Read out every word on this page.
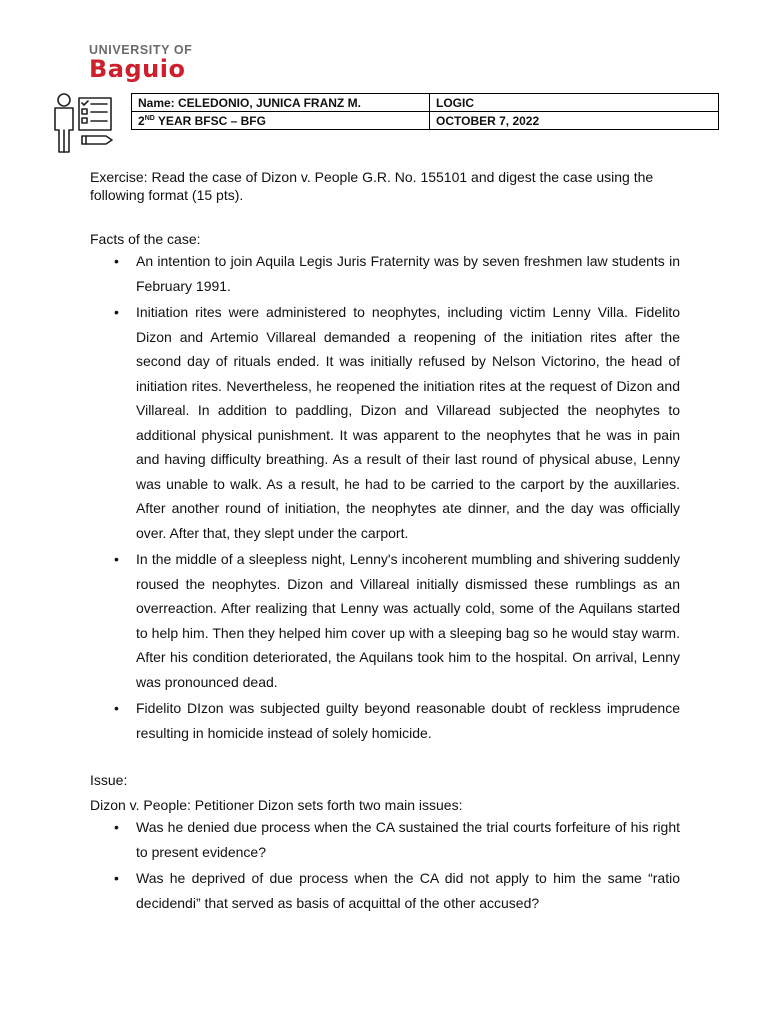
UNIVERSITY OF
Baguio
Name: CELEDONIO, JUNICA FRANZ M.	LOGIC
2ND YEAR BFSC – BFG	OCTOBER 7, 2022
Exercise: Read the case of Dizon v. People G.R. No. 155101 and digest the case using the following format (15 pts).
Facts of the case:
• An intention to join Aquila Legis Juris Fraternity was by seven freshmen law students in February 1991.
• Initiation rites were administered to neophytes, including victim Lenny Villa. Fidelito Dizon and Artemio Villareal demanded a reopening of the initiation rites after the second day of rituals ended. It was initially refused by Nelson Victorino, the head of initiation rites. Nevertheless, he reopened the initiation rites at the request of Dizon and Villareal. In addition to paddling, Dizon and Villaread subjected the neophytes to additional physical punishment. It was apparent to the neophytes that he was in pain and having difficulty breathing. As a result of their last round of physical abuse, Lenny was unable to walk. As a result, he had to be carried to the carport by the auxillaries. After another round of initiation, the neophytes ate dinner, and the day was officially over. After that, they slept under the carport.
• In the middle of a sleepless night, Lenny's incoherent mumbling and shivering suddenly roused the neophytes. Dizon and Villareal initially dismissed these rumblings as an overreaction. After realizing that Lenny was actually cold, some of the Aquilans started to help him. Then they helped him cover up with a sleeping bag so he would stay warm. After his condition deteriorated, the Aquilans took him to the hospital. On arrival, Lenny was pronounced dead.
• Fidelito DIzon was subjected guilty beyond reasonable doubt of reckless imprudence resulting in homicide instead of solely homicide.
Issue:
Dizon v. People: Petitioner Dizon sets forth two main issues:
• Was he denied due process when the CA sustained the trial courts forfeiture of his right to present evidence?
• Was he deprived of due process when the CA did not apply to him the same “ratio decidendi” that served as basis of acquittal of the other accused?
